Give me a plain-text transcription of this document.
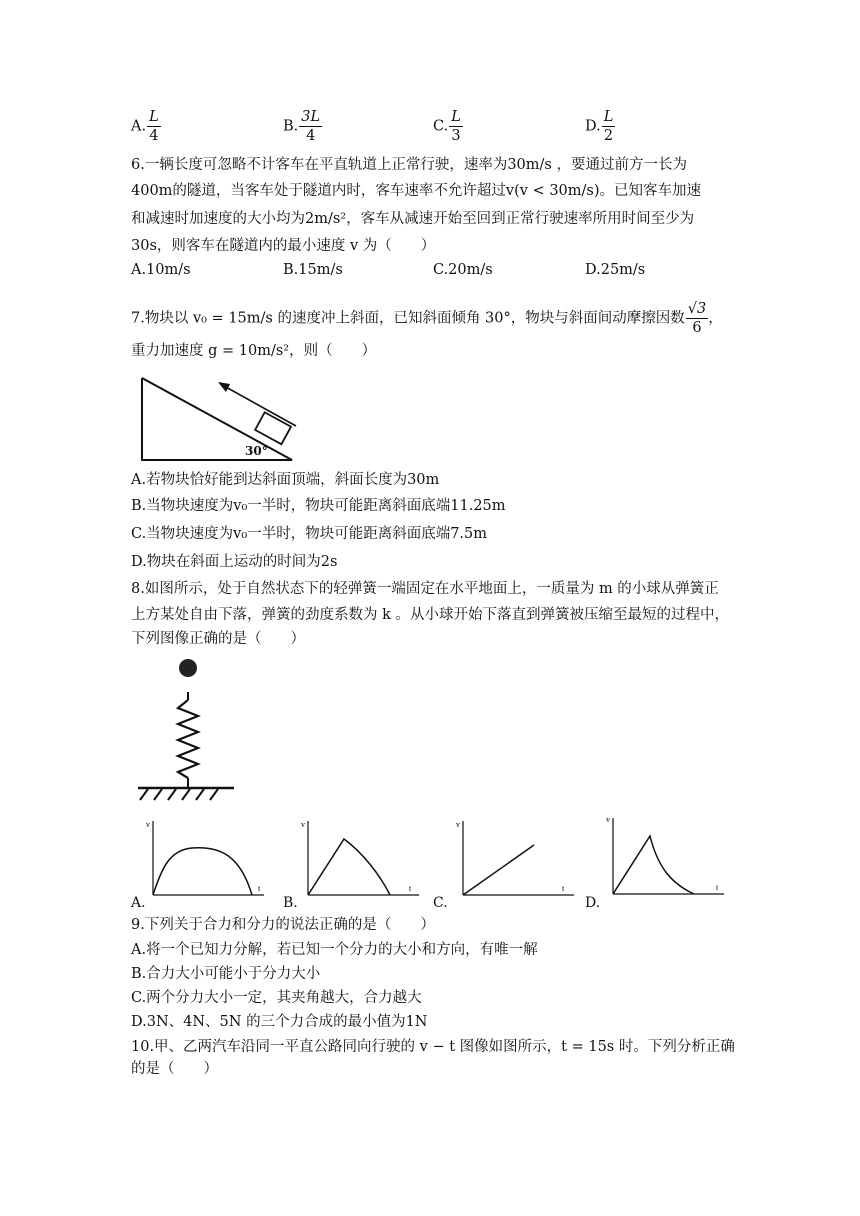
A. $\frac{L}{4}$	B. $\frac{3L}{4}$	C. $\frac{L}{3}$	D. $\frac{L}{2}$
6.一辆长度可忽略不计客车在平直轨道上正常行驶，速率为30m/s ，要通过前方一长为
400m的隧道，当客车处于隧道内时，客车速率不允许超过v(v < 30m/s)。已知客车加速
和减速时加速度的大小均为2m/s²，客车从减速开始至回到正常行驶速率所用时间至少为
30s，则客车在隧道内的最小速度 v 为（　　）
A.10m/s	B.15m/s	C.20m/s	D.25m/s
7.物块以 v₀ = 15m/s 的速度冲上斜面，已知斜面倾角 30°，物块与斜面间动摩擦因数 $\frac{√3}{6}$ ，
重力加速度 g = 10m/s²，则（　　）
30°
A.若物块恰好能到达斜面顶端，斜面长度为30m
B.当物块速度为v₀一半时，物块可能距离斜面底端11.25m
C.当物块速度为v₀一半时，物块可能距离斜面底端7.5m
D.物块在斜面上运动的时间为2s
8.如图所示，处于自然状态下的轻弹簧一端固定在水平地面上，一质量为 m 的小球从弹簧正
上方某处自由下落，弹簧的劲度系数为 k 。从小球开始下落直到弹簧被压缩至最短的过程中，
下列图像正确的是（　　）
v
t
A.
v
t
B.
v
t
C.
v
t
D.
9.下列关于合力和分力的说法正确的是（　　）
A.将一个已知力分解，若已知一个分力的大小和方向，有唯一解
B.合力大小可能小于分力大小
C.两个分力大小一定，其夹角越大，合力越大
D.3N、4N、5N 的三个力合成的最小值为1N
10.甲、乙两汽车沿同一平直公路同向行驶的 v − t 图像如图所示，t = 15s 时。下列分析正确
的是（　　）
